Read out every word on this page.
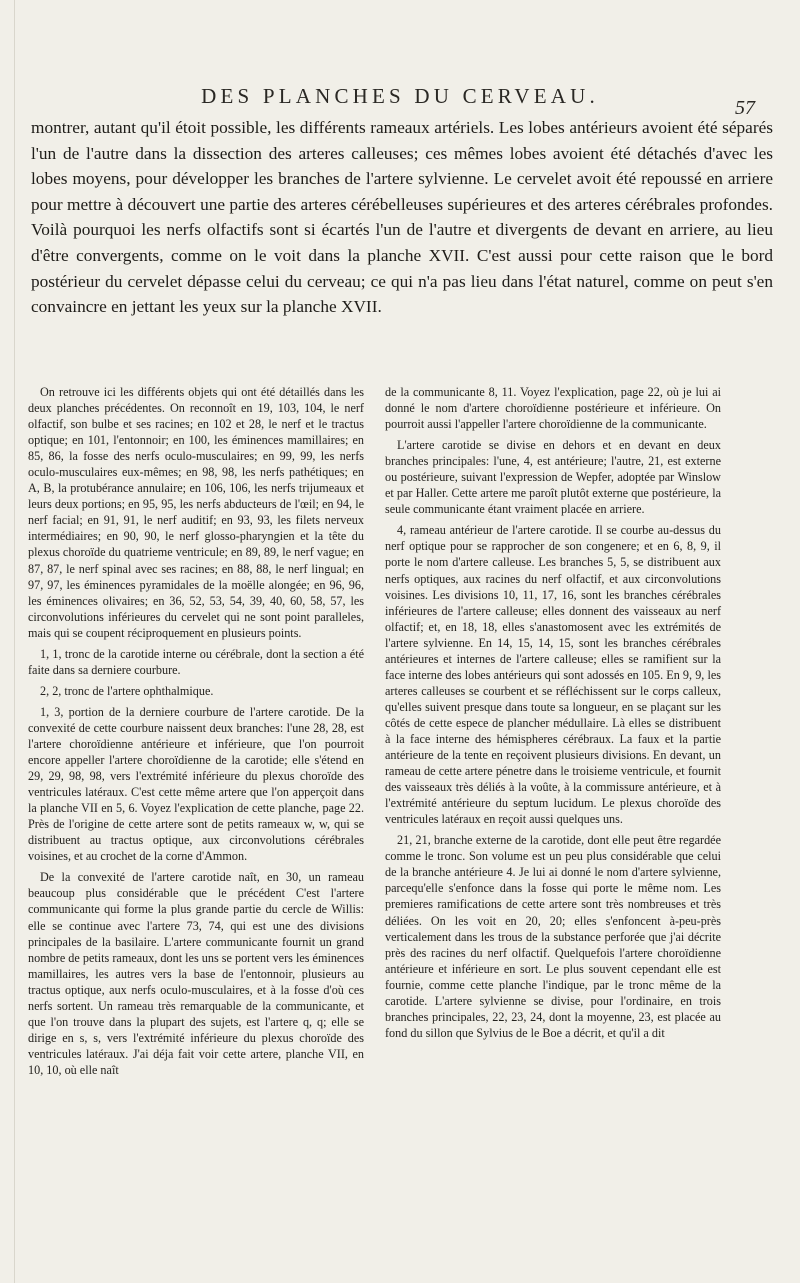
DES PLANCHES DU CERVEAU.	57

montrer, autant qu'il étoit possible, les différents rameaux artériels. Les lobes antérieurs avoient été séparés l'un de l'autre dans la dissection des arteres calleuses; ces mêmes lobes avoient été détachés d'avec les lobes moyens, pour développer les branches de l'artere sylvienne. Le cervelet avoit été repoussé en arriere pour mettre à découvert une partie des arteres cérébelleuses supérieures et des arteres cérébrales profondes. Voilà pourquoi les nerfs olfactifs sont si écartés l'un de l'autre et divergents de devant en arriere, au lieu d'être convergents, comme on le voit dans la planche XVII. C'est aussi pour cette raison que le bord postérieur du cervelet dépasse celui du cerveau; ce qui n'a pas lieu dans l'état naturel, comme on peut s'en convaincre en jettant les yeux sur la planche XVII.

On retrouve ici les différents objets qui ont été détaillés dans les deux planches précédentes. On reconnoît en 19, 103, 104, le nerf olfactif, son bulbe et ses racines; en 102 et 28, le nerf et le tractus optique; en 101, l'entonnoir; en 100, les éminences mamillaires; en 85, 86, la fosse des nerfs oculo-musculaires; en 99, 99, les nerfs oculo-musculaires eux-mêmes; en 98, 98, les nerfs pathétiques; en A, B, la protubérance annulaire; en 106, 106, les nerfs trijumeaux et leurs deux portions; en 95, 95, les nerfs abducteurs de l'œil; en 94, le nerf facial; en 91, 91, le nerf auditif; en 93, 93, les filets nerveux intermédiaires; en 90, 90, le nerf glosso-pharyngien et la tête du plexus choroïde du quatrieme ventricule; en 89, 89, le nerf vague; en 87, 87, le nerf spinal avec ses racines; en 88, 88, le nerf lingual; en 97, 97, les éminences pyramidales de la moëlle alongée; en 96, 96, les éminences olivaires; en 36, 52, 53, 54, 39, 40, 60, 58, 57, les circonvolutions inférieures du cervelet qui ne sont point paralleles, mais qui se coupent réciproquement en plusieurs points.

1, 1, tronc de la carotide interne ou cérébrale, dont la section a été faite dans sa derniere courbure.

2, 2, tronc de l'artere ophthalmique.

1, 3, portion de la derniere courbure de l'artere carotide. De la convexité de cette courbure naissent deux branches: l'une 28, 28, est l'artere choroïdienne antérieure et inférieure, que l'on pourroit encore appeller l'artere choroïdienne de la carotide; elle s'étend en 29, 29, 98, 98, vers l'extrémité inférieure du plexus choroïde des ventricules latéraux. C'est cette même artere que l'on apperçoit dans la planche VII en 5, 6. Voyez l'explication de cette planche, page 22. Près de l'origine de cette artere sont de petits rameaux w, w, qui se distribuent au tractus optique, aux circonvolutions cérébrales voisines, et au crochet de la corne d'Ammon.

De la convexité de l'artere carotide naît, en 30, un rameau beaucoup plus considérable que le précédent C'est l'artere communicante qui forme la plus grande partie du cercle de Willis: elle se continue avec l'artere 73, 74, qui est une des divisions principales de la basilaire. L'artere communicante fournit un grand nombre de petits rameaux, dont les uns se portent vers les éminences mamillaires, les autres vers la base de l'entonnoir, plusieurs au tractus optique, aux nerfs oculo-musculaires, et à la fosse d'où ces nerfs sortent. Un rameau très remarquable de la communicante, et que l'on trouve dans la plupart des sujets, est l'artere q, q; elle se dirige en s, s, vers l'extrémité inférieure du plexus choroïde des ventricules latéraux. J'ai déja fait voir cette artere, planche VII, en 10, 10, où elle naît

de la communicante 8, 11. Voyez l'explication, page 22, où je lui ai donné le nom d'artere choroïdienne postérieure et inférieure. On pourroit aussi l'appeller l'artere choroïdienne de la communicante.

L'artere carotide se divise en dehors et en devant en deux branches principales: l'une, 4, est antérieure; l'autre, 21, est externe ou postérieure, suivant l'expression de Wepfer, adoptée par Winslow et par Haller. Cette artere me paroît plutôt externe que postérieure, la seule communicante étant vraiment placée en arriere.

4, rameau antérieur de l'artere carotide. Il se courbe au-dessus du nerf optique pour se rapprocher de son congenere; et en 6, 8, 9, il porte le nom d'artere calleuse. Les branches 5, 5, se distribuent aux nerfs optiques, aux racines du nerf olfactif, et aux circonvolutions voisines. Les divisions 10, 11, 17, 16, sont les branches cérébrales inférieures de l'artere calleuse; elles donnent des vaisseaux au nerf olfactif; et, en 18, 18, elles s'anastomosent avec les extrémités de l'artere sylvienne. En 14, 15, 14, 15, sont les branches cérébrales antérieures et internes de l'artere calleuse; elles se ramifient sur la face interne des lobes antérieurs qui sont adossés en 105. En 9, 9, les arteres calleuses se courbent et se réfléchissent sur le corps calleux, qu'elles suivent presque dans toute sa longueur, en se plaçant sur les côtés de cette espece de plancher médullaire. Là elles se distribuent à la face interne des hémispheres cérébraux. La faux et la partie antérieure de la tente en reçoivent plusieurs divisions. En devant, un rameau de cette artere pénetre dans le troisieme ventricule, et fournit des vaisseaux très déliés à la voûte, à la commissure antérieure, et à l'extrémité antérieure du septum lucidum. Le plexus choroïde des ventricules latéraux en reçoit aussi quelques uns.

21, 21, branche externe de la carotide, dont elle peut être regardée comme le tronc. Son volume est un peu plus considérable que celui de la branche antérieure 4. Je lui ai donné le nom d'artere sylvienne, parcequ'elle s'enfonce dans la fosse qui porte le même nom. Les premieres ramifications de cette artere sont très nombreuses et très déliées. On les voit en 20, 20; elles s'enfoncent à-peu-près verticalement dans les trous de la substance perforée que j'ai décrite près des racines du nerf olfactif. Quelquefois l'artere choroïdienne antérieure et inférieure en sort. Le plus souvent cependant elle est fournie, comme cette planche l'indique, par le tronc même de la carotide. L'artere sylvienne se divise, pour l'ordinaire, en trois branches principales, 22, 23, 24, dont la moyenne, 23, est placée au fond du sillon que Sylvius de le Boe a décrit, et qu'il a dit
